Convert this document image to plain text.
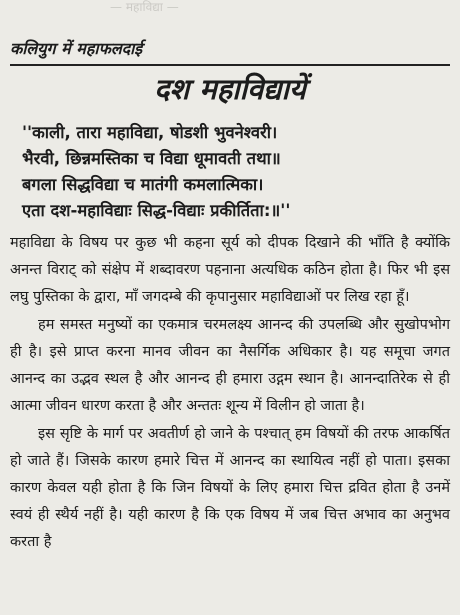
— महाविद्या —
कलियुग में महाफलदाई
दश महाविद्यायें
''काली, तारा महाविद्या, षोडशी भुवनेश्वरी।
भैरवी, छिन्नमस्तिका च विद्या धूमावती तथा॥
बगला सिद्धविद्या च मातंगी कमलात्मिका।
एता दश-महाविद्याः सिद्ध-विद्याः प्रकीर्तिता:॥''

महाविद्या के विषय पर कुछ भी कहना सूर्य को दीपक दिखाने की भाँति है क्योंकि अनन्त विराट् को संक्षेप में शब्दावरण पहनाना अत्यधिक कठिन होता है। फिर भी इस लघु पुस्तिका के द्वारा, माँ जगदम्बे की कृपानुसार महाविद्याओं पर लिख रहा हूँ।

हम समस्त मनुष्यों का एकमात्र चरमलक्ष्य आनन्द की उपलब्धि और सुखोपभोग ही है। इसे प्राप्त करना मानव जीवन का नैसर्गिक अधिकार है। यह समूचा जगत आनन्द का उद्भव स्थल है और आनन्द ही हमारा उद्गम स्थान है। आनन्दातिरेक से ही आत्मा जीवन धारण करता है और अन्ततः शून्य में विलीन हो जाता है।

इस सृष्टि के मार्ग पर अवतीर्ण हो जाने के पश्चात् हम विषयों की तरफ आकर्षित हो जाते हैं। जिसके कारण हमारे चित्त में आनन्द का स्थायित्व नहीं हो पाता। इसका कारण केवल यही होता है कि जिन विषयों के लिए हमारा चित्त द्रवित होता है उनमें स्वयं ही स्थैर्य नहीं है। यही कारण है कि एक विषय में जब चित्त अभाव का अनुभव करता है
